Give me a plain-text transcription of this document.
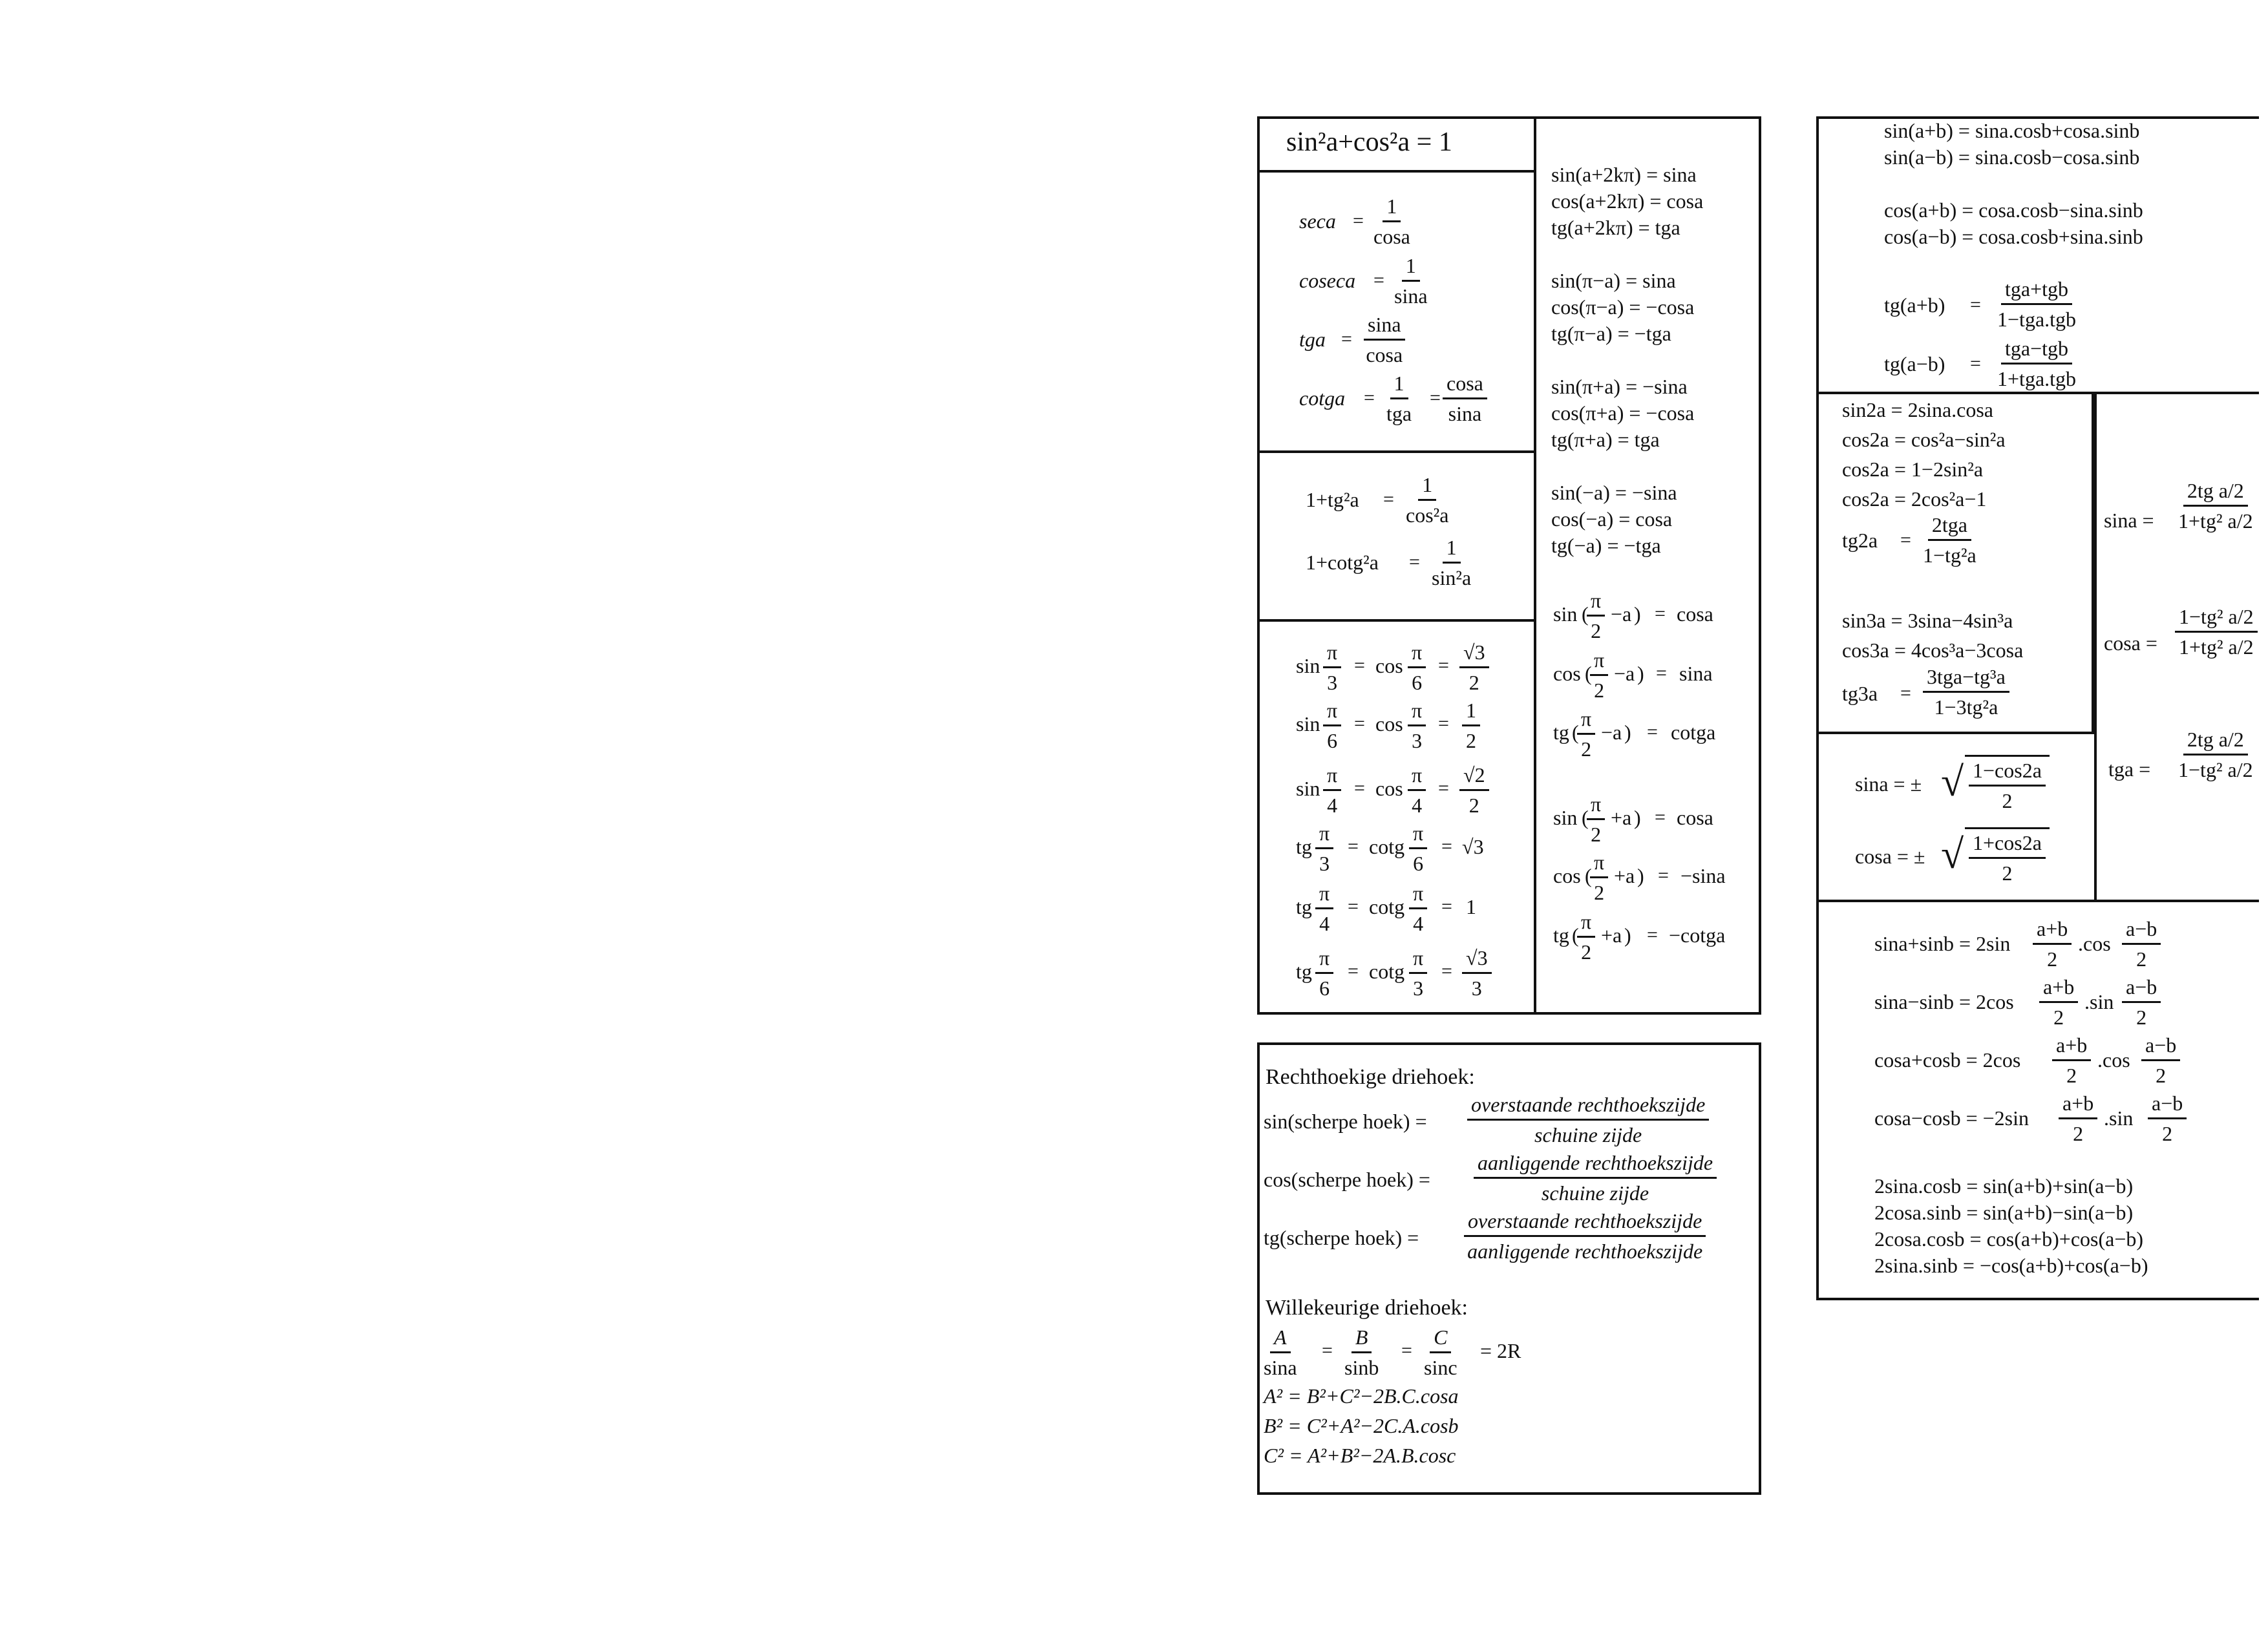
sin²a+cos²a = 1
$\sec a = \frac{1}{\cos a}$
$coseca = \frac{1}{\sin a}$
tga = $\frac{\sin a}{\cos a}$
cotga =
1
tga
= $\frac{\cos a}{\sin a}$
$1+tg^2a = \frac{1}{\text{cos²a}}$
$1+\cot g^2a = \frac{1}{\text{sin²a}}$
$\sin \frac{\pi}{3} = \cos \frac{\pi}{6} = \frac{√3}{2}$
$\sin \frac{\pi}{6} = \cos \frac{\pi}{3} = \frac{1}{2}$
$\sin \frac{\pi}{4} = \cos \frac{\pi}{4} = \frac{√2}{2}$
tg $\frac{\pi}{3} = \cot g \frac{\pi}{6} = √3$
tg $\frac{\pi}{4} = \cot g \frac{\pi}{4} = 1$
tg $\frac{\pi}{6} = \cot g \frac{\pi}{3} = \frac{√3}{3}$
sin(a+2kπ) = sina
cos(a+2kπ) = cosa
tg(a+2kπ) = tga
sin(π−a) = sina
cos(π−a) = −cosa
tg(π−a) = −tga
sin(π+a) = −sina
cos(π+a) = −cosa
tg(π+a) = tga
sin(−a) = −sina
cos(−a) = cosa
tg(−a) = −tga
sin (
$\frac{\pi}{2} -a$ ) = cosa
cos (
$\frac{\pi}{2} -a$ ) = sina
tg (
$\frac{\pi}{2} -a$ ) = cotga
sin (
$\frac{\pi}{2} +a$ ) = cosa
cos (
$\frac{\pi}{2} +a$ ) = −sina
tg (
$\frac{\pi}{2} +a$ ) = −cotga
Rechthoekige driehoek:
sin(scherpe hoek) =
overstaande rechthoekszijde
schuine zijde
cos(scherpe hoek) =
aanliggende rechthoekszijde
schuine zijde
tg(scherpe hoek) =
overstaande rechthoekszijde
aanliggende rechthoekszijde
Willekeurige driehoek:
$\frac{A}{\sin a} = \frac{B}{\sin b} = \frac{C}{\sin c} = 2R$
A² = B²+C²−2B.C.cosa
B² = C²+A²−2C.A.cosb
C² = A²+B²−2A.B.cosc
sin(a+b) = sina.cosb+cosa.sinb
sin(a−b) = sina.cosb−cosa.sinb
cos(a+b) = cosa.cosb−sina.sinb
cos(a−b) = cosa.cosb+sina.sinb
tg(a+b) =
tga+tgb
1−tga.tgb
tg(a−b) =
tga−tgb
1+tga.tgb
sin2a = 2sina.cosa
cos2a = cos²a−sin²a
cos2a = 1−2sin²a
cos2a = 2cos²a−1
tg2a =
2tga
1−tg²a
sin3a = 3sina−4sin³a
cos3a = 4cos³a−3cosa
tg3a =
3tga−tg³a
1−3tg²a
$\sin a = \frac{\text{2tg a/2}}{\text{1+tg² a/2}}$
$\cos a = \frac{\text{1−tg² a/2}}{\text{1+tg² a/2}}$
tga = $\frac{\text{2tg a/2}}{\text{1−tg² a/2}}$
sina = ± √ $\frac{1-\cos 2a}{2}$
cosa = ± √ $\frac{1+\cos 2a}{2}$
$\sin a+\sin b = 2\sin \frac{a+b}{2} .\cos \frac{a-b}{2}$
$\sin a-\sin b = 2\cos \frac{a+b}{2} .\sin \frac{a-b}{2}$
$\cos a+\cos b = 2\cos \frac{a+b}{2} .\cos \frac{a-b}{2}$
$\cos a-\cos b = -2\sin \frac{a+b}{2} .\sin \frac{a-b}{2}$
2sina.cosb = sin(a+b)+sin(a−b)
2cosa.sinb = sin(a+b)−sin(a−b)
2cosa.cosb = cos(a+b)+cos(a−b)
2sina.sinb = −cos(a+b)+cos(a−b)
